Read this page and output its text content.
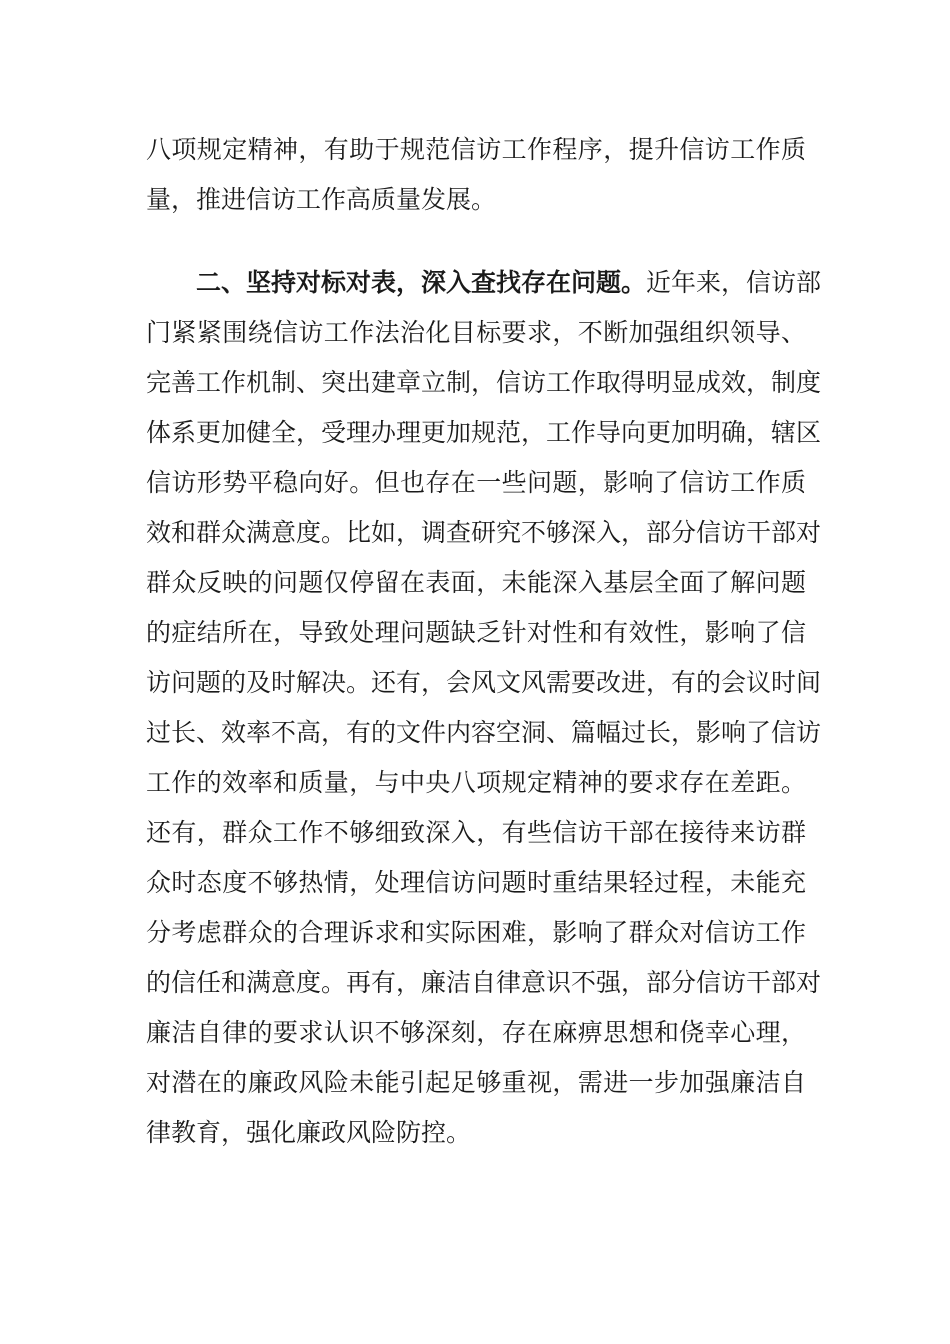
八项规定精神，有助于规范信访工作程序，提升信访工作质
量，推进信访工作高质量发展。
二、坚持对标对表，深入查找存在问题。近年来，信访部
门紧紧围绕信访工作法治化目标要求，不断加强组织领导、
完善工作机制、突出建章立制，信访工作取得明显成效，制度
体系更加健全，受理办理更加规范，工作导向更加明确，辖区
信访形势平稳向好。但也存在一些问题，影响了信访工作质
效和群众满意度。比如，调查研究不够深入，部分信访干部对
群众反映的问题仅停留在表面，未能深入基层全面了解问题
的症结所在，导致处理问题缺乏针对性和有效性，影响了信
访问题的及时解决。还有，会风文风需要改进，有的会议时间
过长、效率不高，有的文件内容空洞、篇幅过长，影响了信访
工作的效率和质量，与中央八项规定精神的要求存在差距。
还有，群众工作不够细致深入，有些信访干部在接待来访群
众时态度不够热情，处理信访问题时重结果轻过程，未能充
分考虑群众的合理诉求和实际困难，影响了群众对信访工作
的信任和满意度。再有，廉洁自律意识不强，部分信访干部对
廉洁自律的要求认识不够深刻，存在麻痹思想和侥幸心理，
对潜在的廉政风险未能引起足够重视，需进一步加强廉洁自
律教育，强化廉政风险防控。
